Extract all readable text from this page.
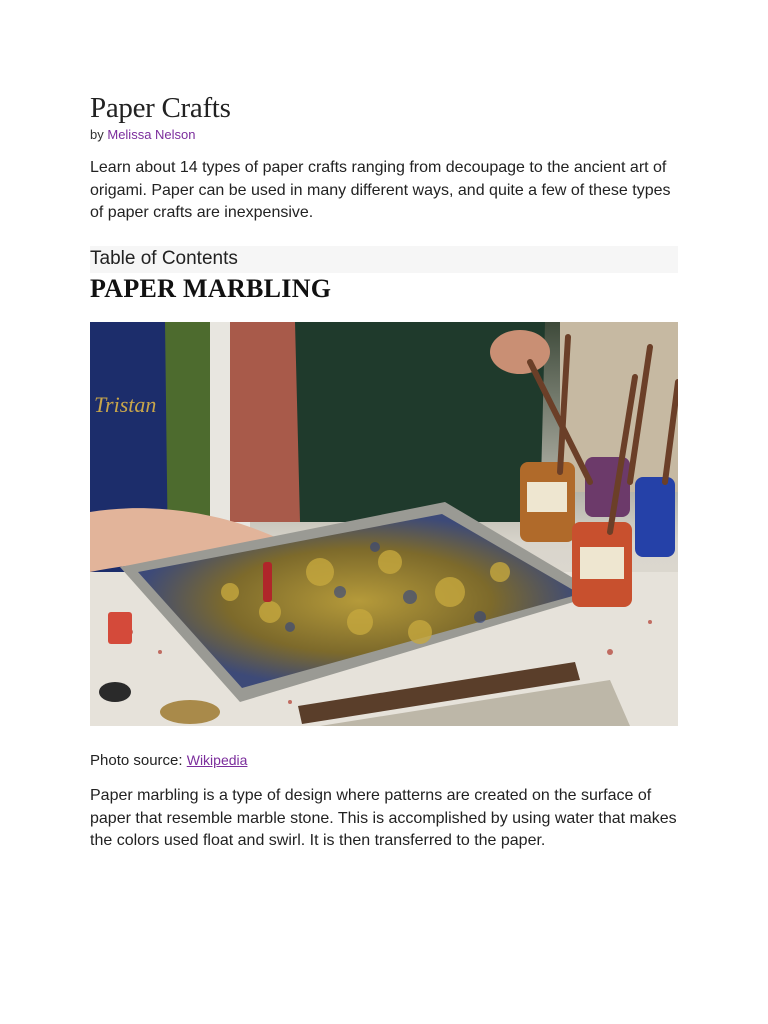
Paper Crafts
by Melissa Nelson

Learn about 14 types of paper crafts ranging from decoupage to the ancient art of origami. Paper can be used in many different ways, and quite a few of these types of paper crafts are inexpensive.

Table of Contents
PAPER MARBLING
Tristan
Photo source: Wikipedia

Paper marbling is a type of design where patterns are created on the surface of paper that resemble marble stone. This is accomplished by using water that makes the colors used float and swirl. It is then transferred to the paper.
